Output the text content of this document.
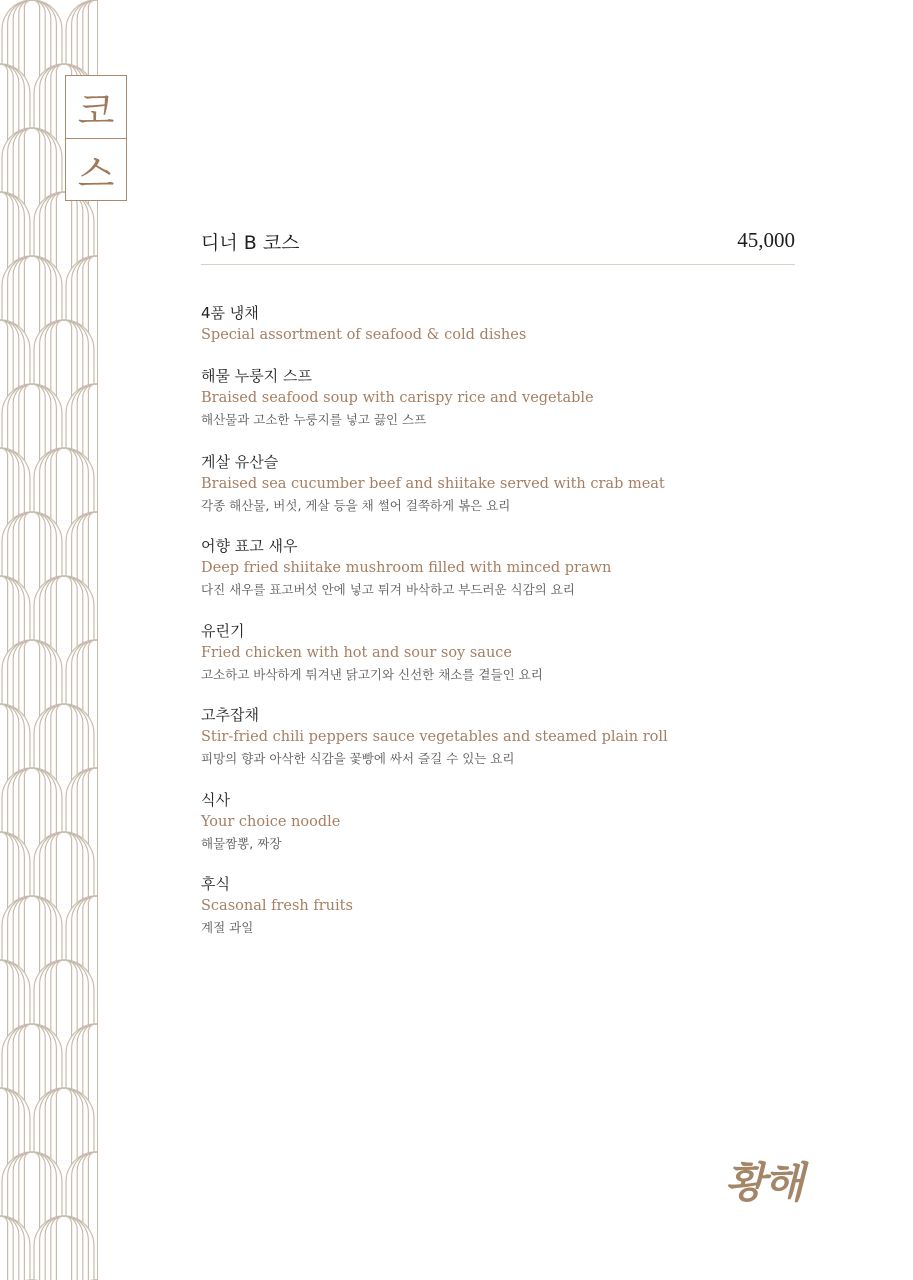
코
스
디너 B 코스	45,000
4품 냉채
Special assortment of seafood & cold dishes
해물 누룽지 스프
Braised seafood soup with carispy rice and vegetable
해산물과 고소한 누룽지를 넣고 끓인 스프
게살 유산슬
Braised sea cucumber beef and shiitake served with crab meat
각종 해산물, 버섯, 게살 등을 채 썰어 걸쭉하게 볶은 요리
어향 표고 새우
Deep fried shiitake mushroom filled with minced prawn
다진 새우를 표고버섯 안에 넣고 튀겨 바삭하고 부드러운 식감의 요리
유린기
Fried chicken with hot and sour soy sauce
고소하고 바삭하게 튀겨낸 닭고기와 신선한 채소를 곁들인 요리
고추잡채
Stir-fried chili peppers sauce vegetables and steamed plain roll
피망의 향과 아삭한 식감을 꽃빵에 싸서 즐길 수 있는 요리
식사
Your choice noodle
해물짬뽕, 짜장
후식
Scasonal fresh fruits
계절 과일
황해
